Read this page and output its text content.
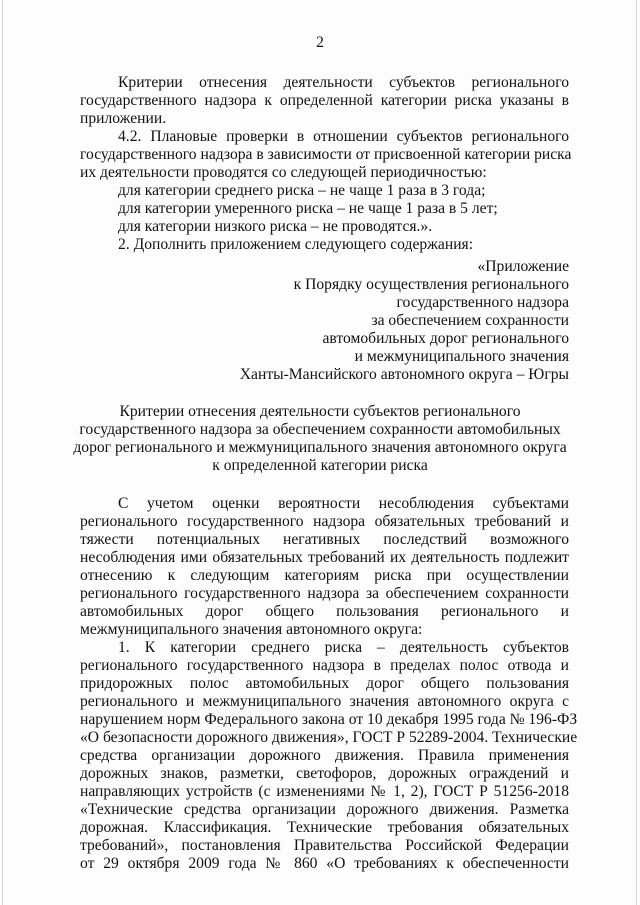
2
Критерии отнесения деятельности субъектов регионального
государственного надзора к определенной категории риска указаны в
приложении.
4.2. Плановые проверки в отношении субъектов регионального
государственного надзора в зависимости от присвоенной категории риска
их деятельности проводятся со следующей периодичностью:
для категории среднего риска – не чаще 1 раза в 3 года;
для категории умеренного риска – не чаще 1 раза в 5 лет;
для категории низкого риска – не проводятся.».
2. Дополнить приложением следующего содержания:
«Приложение
к Порядку осуществления регионального
государственного надзора
за обеспечением сохранности
автомобильных дорог регионального
и межмуниципального значения
Ханты-Мансийского автономного округа – Югры
Критерии отнесения деятельности субъектов регионального
государственного надзора за обеспечением сохранности автомобильных
дорог регионального и межмуниципального значения автономного округа
к определенной категории риска
С учетом оценки вероятности несоблюдения субъектами
регионального государственного надзора обязательных требований и
тяжести потенциальных негативных последствий возможного
несоблюдения ими обязательных требований их деятельность подлежит
отнесению к следующим категориям риска при осуществлении
регионального государственного надзора за обеспечением сохранности
автомобильных дорог общего пользования регионального и
межмуниципального значения автономного округа:
1. К категории среднего риска – деятельность субъектов
регионального государственного надзора в пределах полос отвода и
придорожных полос автомобильных дорог общего пользования
регионального и межмуниципального значения автономного округа с
нарушением норм Федерального закона от 10 декабря 1995 года № 196-ФЗ
«О безопасности дорожного движения», ГОСТ Р 52289-2004. Технические
средства организации дорожного движения. Правила применения
дорожных знаков, разметки, светофоров, дорожных ограждений и
направляющих устройств (с изменениями № 1, 2), ГОСТ Р 51256-2018
«Технические средства организации дорожного движения. Разметка
дорожная. Классификация. Технические требования обязательных
требований», постановления Правительства Российской Федерации
от 29 октября 2009 года № 860 «О требованиях к обеспеченности
